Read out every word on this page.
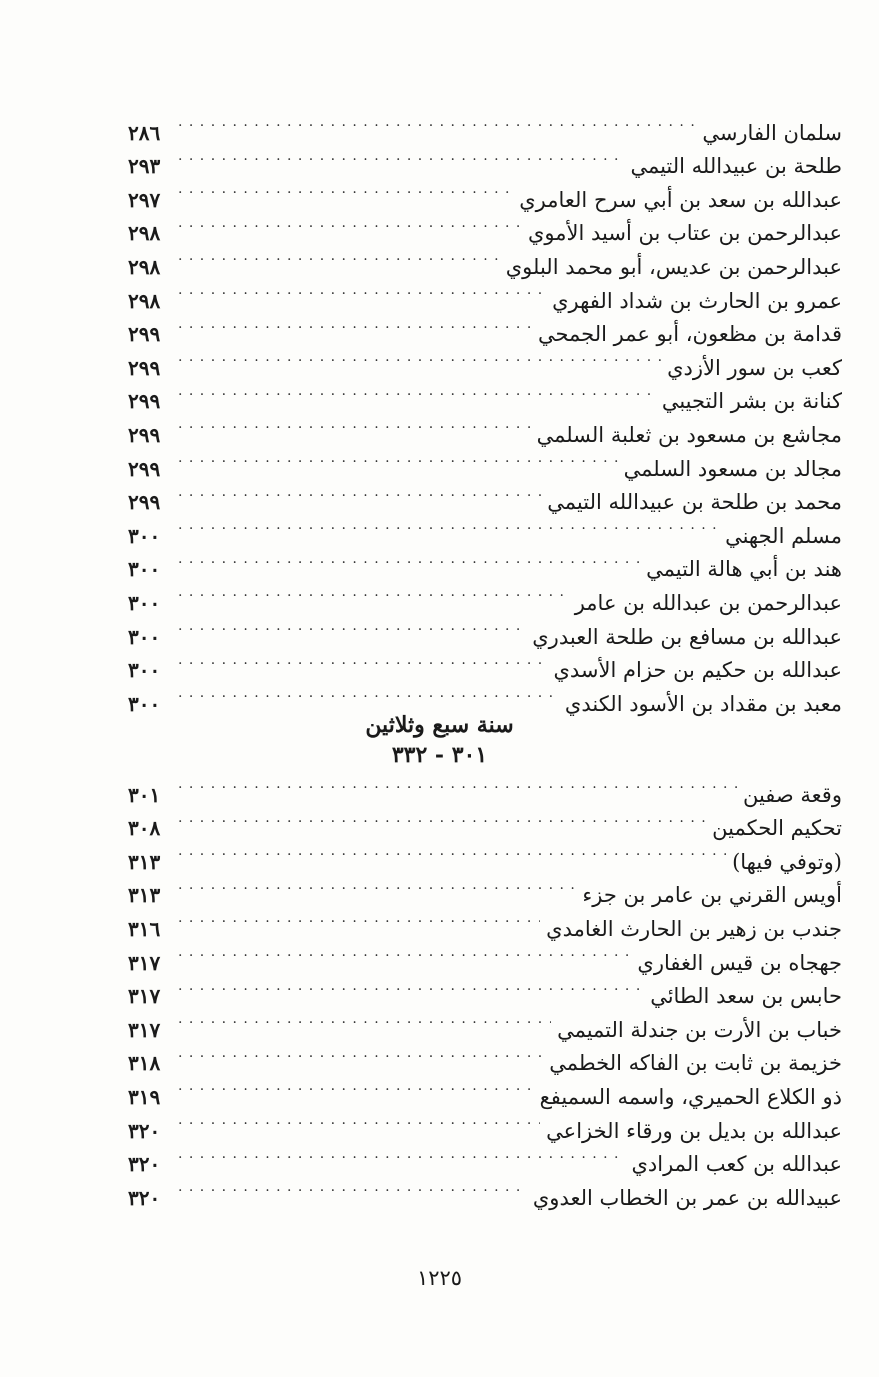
سلمان الفارسي
. . .
٢٨٦
طلحة بن عبيدالله التيمي
. . .
٢٩٣
عبدالله بن سعد بن أبي سرح العامري
. . .
٢٩٧
عبدالرحمن بن عتاب بن أسيد الأموي
. . .
٢٩٨
عبدالرحمن بن عديس، أبو محمد البلوي
. . .
٢٩٨
عمرو بن الحارث بن شداد الفهري
. . .
٢٩٨
قدامة بن مظعون، أبو عمر الجمحي
. . .
٢٩٩
كعب بن سور الأزدي
. . .
٢٩٩
كنانة بن بشر التجيبي
. . .
٢٩٩
مجاشع بن مسعود بن ثعلبة السلمي
. . .
٢٩٩
مجالد بن مسعود السلمي
. . .
٢٩٩
محمد بن طلحة بن عبيدالله التيمي
. . .
٢٩٩
مسلم الجهني
. . .
٣٠٠
هند بن أبي هالة التيمي
. . .
٣٠٠
عبدالرحمن بن عبدالله بن عامر
. . .
٣٠٠
عبدالله بن مسافع بن طلحة العبدري
. . .
٣٠٠
عبدالله بن حكيم بن حزام الأسدي
. . .
٣٠٠
معبد بن مقداد بن الأسود الكندي
. . .
٣٠٠
سنة سبع وثلاثين
٣٠١ - ٣٣٢
وقعة صفين
. . .
٣٠١
تحكيم الحكمين
. . .
٣٠٨
(وتوفي فيها)
. . .
٣١٣
أويس القرني بن عامر بن جزء
. . .
٣١٣
جندب بن زهير بن الحارث الغامدي
. . .
٣١٦
جهجاه بن قيس الغفاري
. . .
٣١٧
حابس بن سعد الطائي
. . .
٣١٧
خباب بن الأرت بن جندلة التميمي
. . .
٣١٧
خزيمة بن ثابت بن الفاكه الخطمي
. . .
٣١٨
ذو الكلاع الحميري، واسمه السميفع
. . .
٣١٩
عبدالله بن بديل بن ورقاء الخزاعي
. . .
٣٢٠
عبدالله بن كعب المرادي
. . .
٣٢٠
عبيدالله بن عمر بن الخطاب العدوي
. . .
٣٢٠
١٢٢٥
